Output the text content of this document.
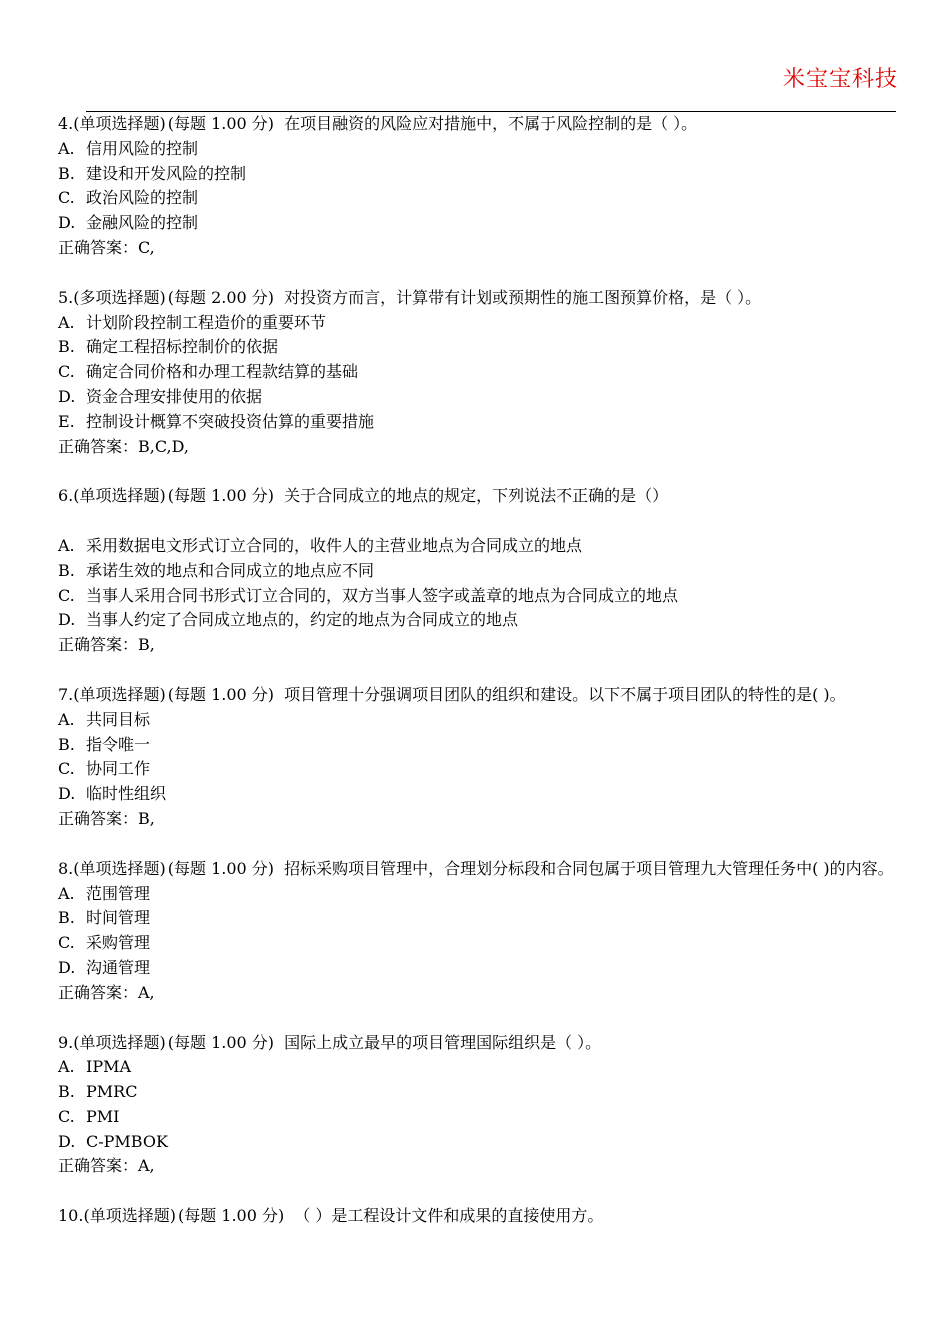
米宝宝科技

4.(单项选择题) (每题 1.00 分) 在项目融资的风险应对措施中，不属于风险控制的是（ ）。

A. 信用风险的控制

B. 建设和开发风险的控制

C. 政治风险的控制

D. 金融风险的控制

正确答案：C,

5.(多项选择题) (每题 2.00 分) 对投资方而言，计算带有计划或预期性的施工图预算价格，是（ ）。

A. 计划阶段控制工程造价的重要环节

B. 确定工程招标控制价的依据

C. 确定合同价格和办理工程款结算的基础

D. 资金合理安排使用的依据

E. 控制设计概算不突破投资估算的重要措施

正确答案：B,C,D,

6.(单项选择题) (每题 1.00 分) 关于合同成立的地点的规定，下列说法不正确的是（）

A. 采用数据电文形式订立合同的，收件人的主营业地点为合同成立的地点

B. 承诺生效的地点和合同成立的地点应不同

C. 当事人采用合同书形式订立合同的，双方当事人签字或盖章的地点为合同成立的地点

D. 当事人约定了合同成立地点的，约定的地点为合同成立的地点

正确答案：B,

7.(单项选择题) (每题 1.00 分) 项目管理十分强调项目团队的组织和建设。以下不属于项目团队的特性的是( )。

A. 共同目标

B. 指令唯一

C. 协同工作

D. 临时性组织

正确答案：B,

8.(单项选择题) (每题 1.00 分) 招标采购项目管理中，合理划分标段和合同包属于项目管理九大管理任务中( )的内容。

A. 范围管理

B. 时间管理

C. 采购管理

D. 沟通管理

正确答案：A,

9.(单项选择题) (每题 1.00 分) 国际上成立最早的项目管理国际组织是（ ）。

A. IPMA

B. PMRC

C. PMI

D. C-PMBOK

正确答案：A,

10.(单项选择题) (每题 1.00 分) （ ）是工程设计文件和成果的直接使用方。
